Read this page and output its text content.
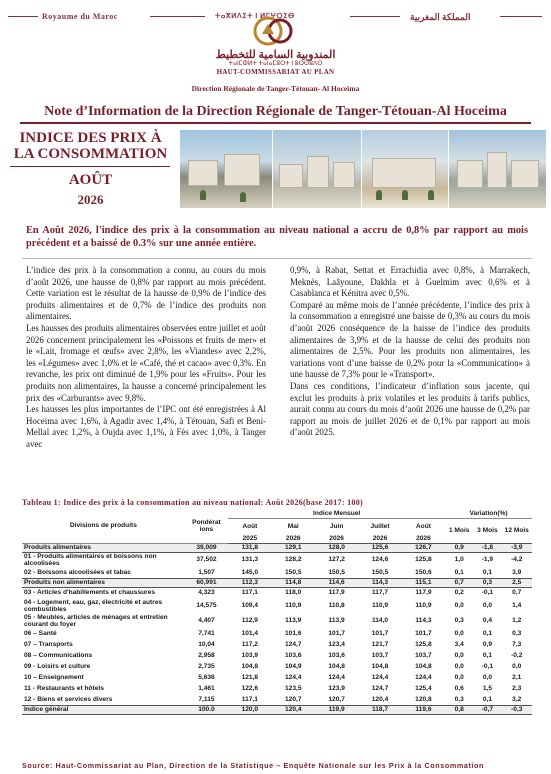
Royaume du Maroc	ⵜⴰⴳⵍⴷⵉⵜ ⵏ ⵍⵎⵖⵔⵉⴱ	المملكة المغربية
المندوبية السامية للتخطيط
ⵜⴰⵏⵎⵀⵍⵜ ⵜⴰⵏⴰⵎⵓⵔⵜ ⵏ ⵓⵙⵙⵓⴷⵙ
HAUT-COMMISSARIAT AU PLAN
Direction Régionale de Tanger-Tétouan- Al Hoceima
Note d’Information de la Direction Régionale de Tanger-Tétouan-Al Hoceima
INDICE DES PRIX À
LA CONSOMMATION
AOÛT
2026
En Août 2026, l'indice des prix à la consommation au niveau national a accru de 0,8% par rapport au mois précédent et a baissé de 0.3% sur une année entière.

L’indice des prix à la consommation a connu, au cours du mois d’août 2026, une hausse de 0,8% par rapport au mois précédent. Cette variation est le résultat de la hausse de 0,9% de l’indice des produits alimentaires et de 0,7% de l’indice des produits non alimentaires.

Les hausses des produits alimentaires observées entre juillet et août 2026 concernent principalement les «Poissons et fruits de mer» et le «Lait, fromage et œufs» avec 2,8%, les «Viandes» avec 2,2%, les «Légumes» avec 1,0% et le «Café, thé et cacao» avec 0,3%. En revanche, les prix ont diminué de 1,9% pour les «Fruits». Pour les produits non alimentaires, la hausse a concerné principalement les prix des «Carburants» avec 9,8%.

Les hausses les plus importantes de l’IPC ont été enregistrées à Al Hoceima avec 1,6%, à Agadir avec 1,4%, à Tétouan, Safi et Beni-Mellal avec 1,2%, à Oujda avec 1,1%, à Fès avec 1,0%, à Tanger avec

0,9%, à Rabat, Settat et Errachidia avec 0,8%, à Marrakech, Meknès, Laâyoune, Dakhla et à Guelmim avec 0,6% et à Casablanca et Kénitra avec 0,5%.

Comparé au même mois de l’année précédente, l’indice des prix à la consommation a enregistré une baisse de 0,3% au cours du mois d’août 2026 conséquence de la baisse de l’indice des produits alimentaires de 3,9% et de la hausse de celui des produits non alimentaires de 2,5%. Pour les produits non alimentaires, les variations vont d’une baisse de 0,2% pour la «Communication» à une hausse de 7,3% pour le «Transport».

Dans ces conditions, l’indicateur d’inflation sous jacente, qui exclut les produits à prix volatiles et les produits à tarifs publics, aurait connu au cours du mois d’août 2026 une hausse de 0,2% par rapport au mois de juillet 2026 et de 0,1% par rapport au mois d’août 2025.

Tableau 1: Indice des prix à la consommation au niveau national: Août 2026(base 2017: 100)
Divisions de produits	Pondérat ions	Indice Mensuel					Variation(%)		
		Août	Mai	Juin	Juillet	Août	1 Mois	3 Mois	12 Mois
		2025	2026	2026	2026	2026			
Produits alimentaires	39,009	131,8	129,1	128,0	125,6	126,7	0,9	-1,8	-3,9
01 - Produits alimentaires et boissons non alcoolisées	37,502	131,3	128,2	127,2	124,6	125,8	1,0	-1,9	-4,2
02 - Boissons alcoolisées et tabac	1,507	145,0	150,5	150,5	150,5	150,6	0,1	0,1	3,9
Produits non alimentaires	60,991	112,3	114,8	114,6	114,3	115,1	0,7	0,3	2,5
03 - Articles d'habillements et chaussures	4,323	117,1	118,0	117,9	117,7	117,9	0,2	-0,1	0,7
04 - Logement, eau, gaz, électricité et autres combustibles	14,575	109,4	110,9	110,8	110,9	110,9	0,0	0,0	1,4
05 - Meubles, articles de ménages et entretien courant du foyer	4,407	112,9	113,9	113,9	114,0	114,3	0,3	0,4	1,2
06 – Santé	7,741	101,4	101,6	101,7	101,7	101,7	0,0	0,1	0,3
07 – Transports	10,04	117,2	124,7	123,4	121,7	125,8	3,4	0,9	7,3
08 – Communications	2,958	103,9	103,6	103,6	103,7	103,7	0,0	0,1	-0,2
09 - Loisirs et culture	2,735	104,8	104,9	104,8	104,8	104,8	0,0	-0,1	0,0
10 – Enseignement	5,636	121,8	124,4	124,4	124,4	124,4	0,0	0,0	2,1
11 - Restaurants et hôtels	1,461	122,6	123,5	123,9	124,7	125,4	0,6	1,5	2,3
12 - Biens et services divers	7,115	117,1	120,7	120,7	120,4	120,8	0,3	0,1	3,2
Indice général	100.0	120,0	120,4	119,9	118,7	119,6	0,8	-0,7	-0,3
Source: Haut-Commissariat au Plan, Direction de la Statistique – Enquête Nationale sur les Prix à la Consommation
